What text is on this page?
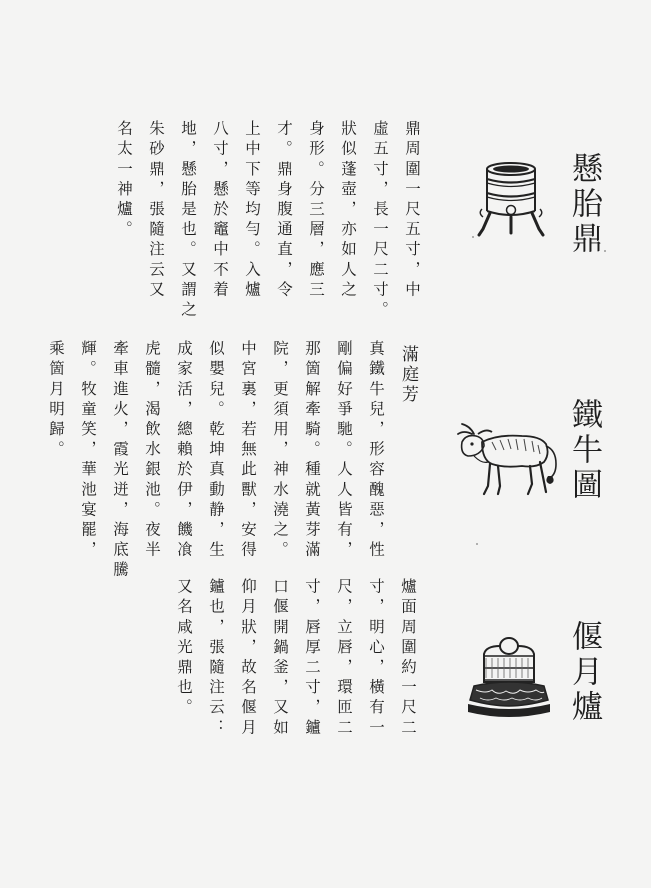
懸胎鼎
鼎周圍一尺五寸，中
虛五寸，長一尺二寸。
狀似蓬壺，亦如人之
身形。分三層，應三
才。鼎身腹通直，令
上中下等均勻。入爐
八寸，懸於竈中不着
地，懸胎是也。又謂之
朱砂鼎，張隨注云又
名太一神爐。
鐵牛圖
滿庭芳
真鐵牛兒，形容醜惡，性
剛偏好爭馳。人人皆有，
那箇解牽騎。種就黃芽滿
院，更須用，神水澆之。
中宮裏，若無此獸，安得
似嬰兒。乾坤真動静，生
成家活，總賴於伊，饑飡
虎髓，渴飲水銀池。夜半
牽車進火，霞光迸，海底騰
輝。牧童笑，華池宴罷，
乘箇月明歸。
偃月爐
爐面周圍約一尺二
寸，明心，橫有一
尺，立唇，環匝二
寸，唇厚二寸，鑪
口偃開鍋釜，又如
仰月狀，故名偃月
鑪也，張隨注云：
又名咸光鼎也。
